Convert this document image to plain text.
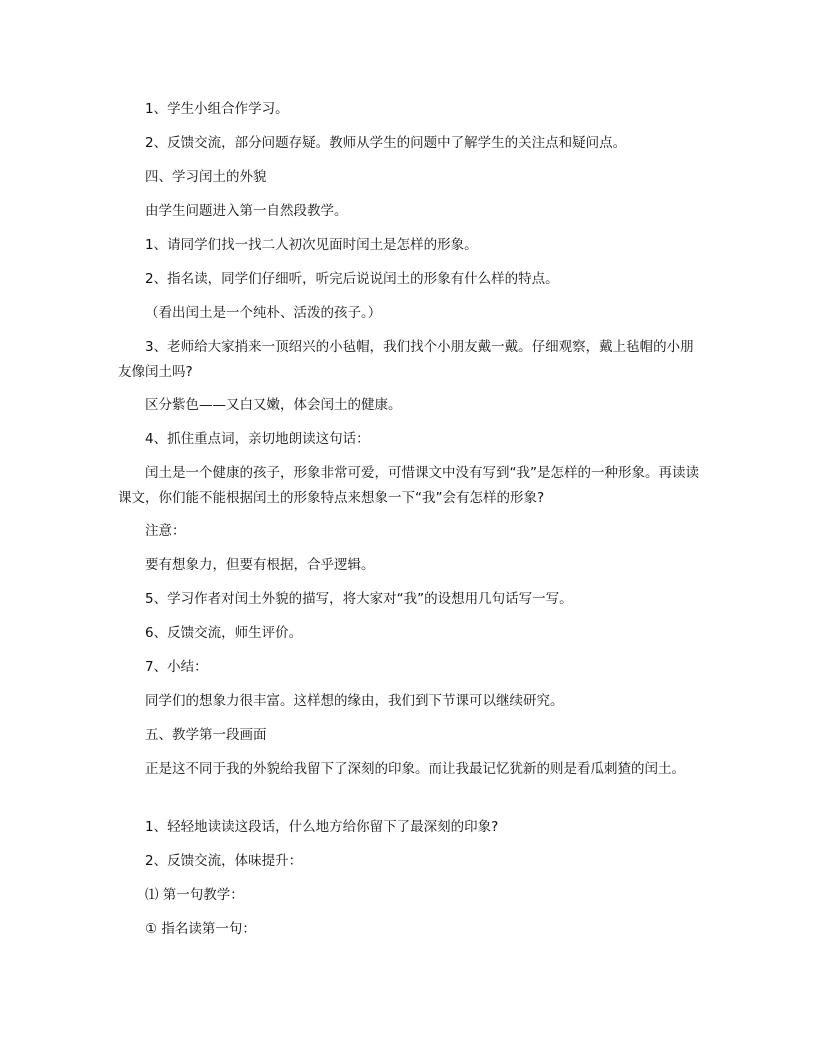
1、学生小组合作学习。
2、反馈交流，部分问题存疑。教师从学生的问题中了解学生的关注点和疑问点。
四、学习闰土的外貌
由学生问题进入第一自然段教学。
1、请同学们找一找二人初次见面时闰土是怎样的形象。
2、指名读，同学们仔细听，听完后说说闰土的形象有什么样的特点。
（看出闰土是一个纯朴、活泼的孩子。）
3、老师给大家捎来一顶绍兴的小毡帽，我们找个小朋友戴一戴。仔细观察，戴上毡帽的小朋友像闰土吗?
区分紫色——又白又嫩，体会闰土的健康。
4、抓住重点词，亲切地朗读这句话：
闰土是一个健康的孩子，形象非常可爱，可惜课文中没有写到“我”是怎样的一种形象。再读读课文，你们能不能根据闰土的形象特点来想象一下“我”会有怎样的形象?
注意：
要有想象力，但要有根据，合乎逻辑。
5、学习作者对闰土外貌的描写，将大家对“我”的设想用几句话写一写。
6、反馈交流，师生评价。
7、小结：
同学们的想象力很丰富。这样想的缘由，我们到下节课可以继续研究。
五、教学第一段画面
正是这不同于我的外貌给我留下了深刻的印象。而让我最记忆犹新的则是看瓜刺猹的闰土。
1、轻轻地读读这段话，什么地方给你留下了最深刻的印象?
2、反馈交流，体味提升：
⑴ 第一句教学：
① 指名读第一句：
